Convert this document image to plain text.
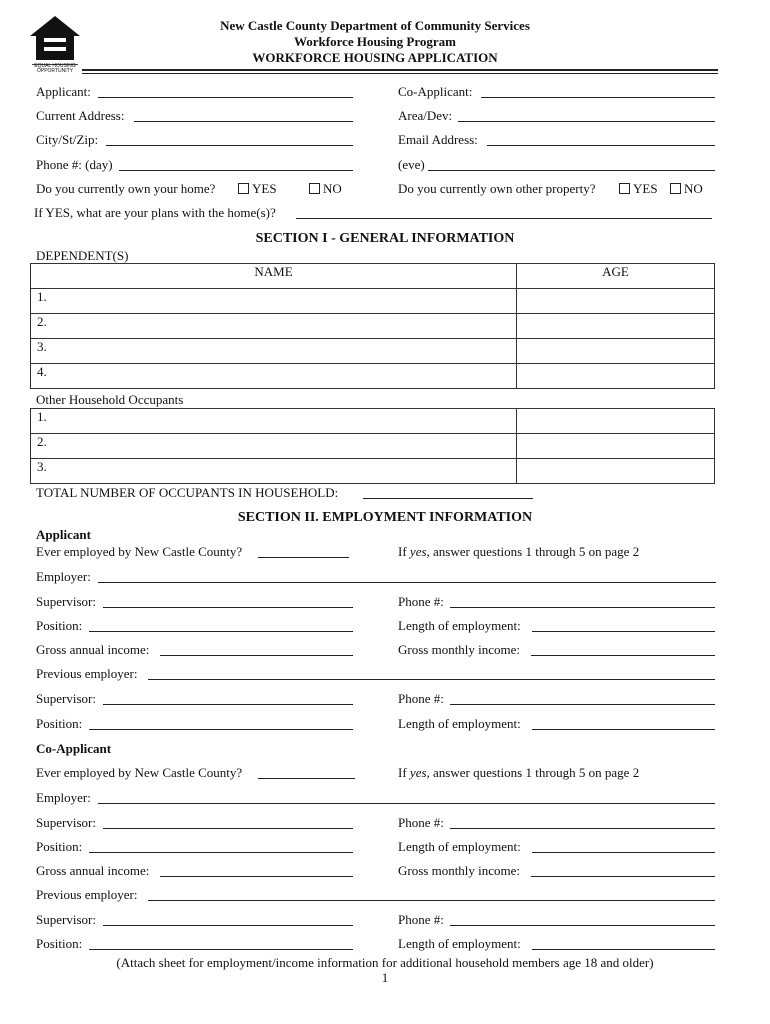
EQUAL HOUSING OPPORTUNITY
New Castle County Department of Community Services
Workforce Housing Program
WORKFORCE HOUSING APPLICATION
Applicant:	Co-Applicant:
Current Address:	Area/Dev:
City/St/Zip:	Email Address:
Phone #: (day)	(eve)
Do you currently own your home?	YES	NO	Do you currently own other property?	YES	NO
If YES, what are your plans with the home(s)?
SECTION I - GENERAL INFORMATION
DEPENDENT(S)
NAME	AGE
1.	
2.	
3.	
4.	
Other Household Occupants
1.	
2.	
3.	
TOTAL NUMBER OF OCCUPANTS IN HOUSEHOLD:
SECTION II. EMPLOYMENT INFORMATION
Applicant
Ever employed by New Castle County?	If yes, answer questions 1 through 5 on page 2
Employer:
Supervisor:	Phone #:
Position:	Length of employment:
Gross annual income:	Gross monthly income:
Previous employer:
Supervisor:	Phone #:
Position:	Length of employment:
Co-Applicant
Ever employed by New Castle County?	If yes, answer questions 1 through 5 on page 2
Employer:
Supervisor:	Phone #:
Position:	Length of employment:
Gross annual income:	Gross monthly income:
Previous employer:
Supervisor:	Phone #:
Position:	Length of employment:
(Attach sheet for employment/income information for additional household members age 18 and older)
1
